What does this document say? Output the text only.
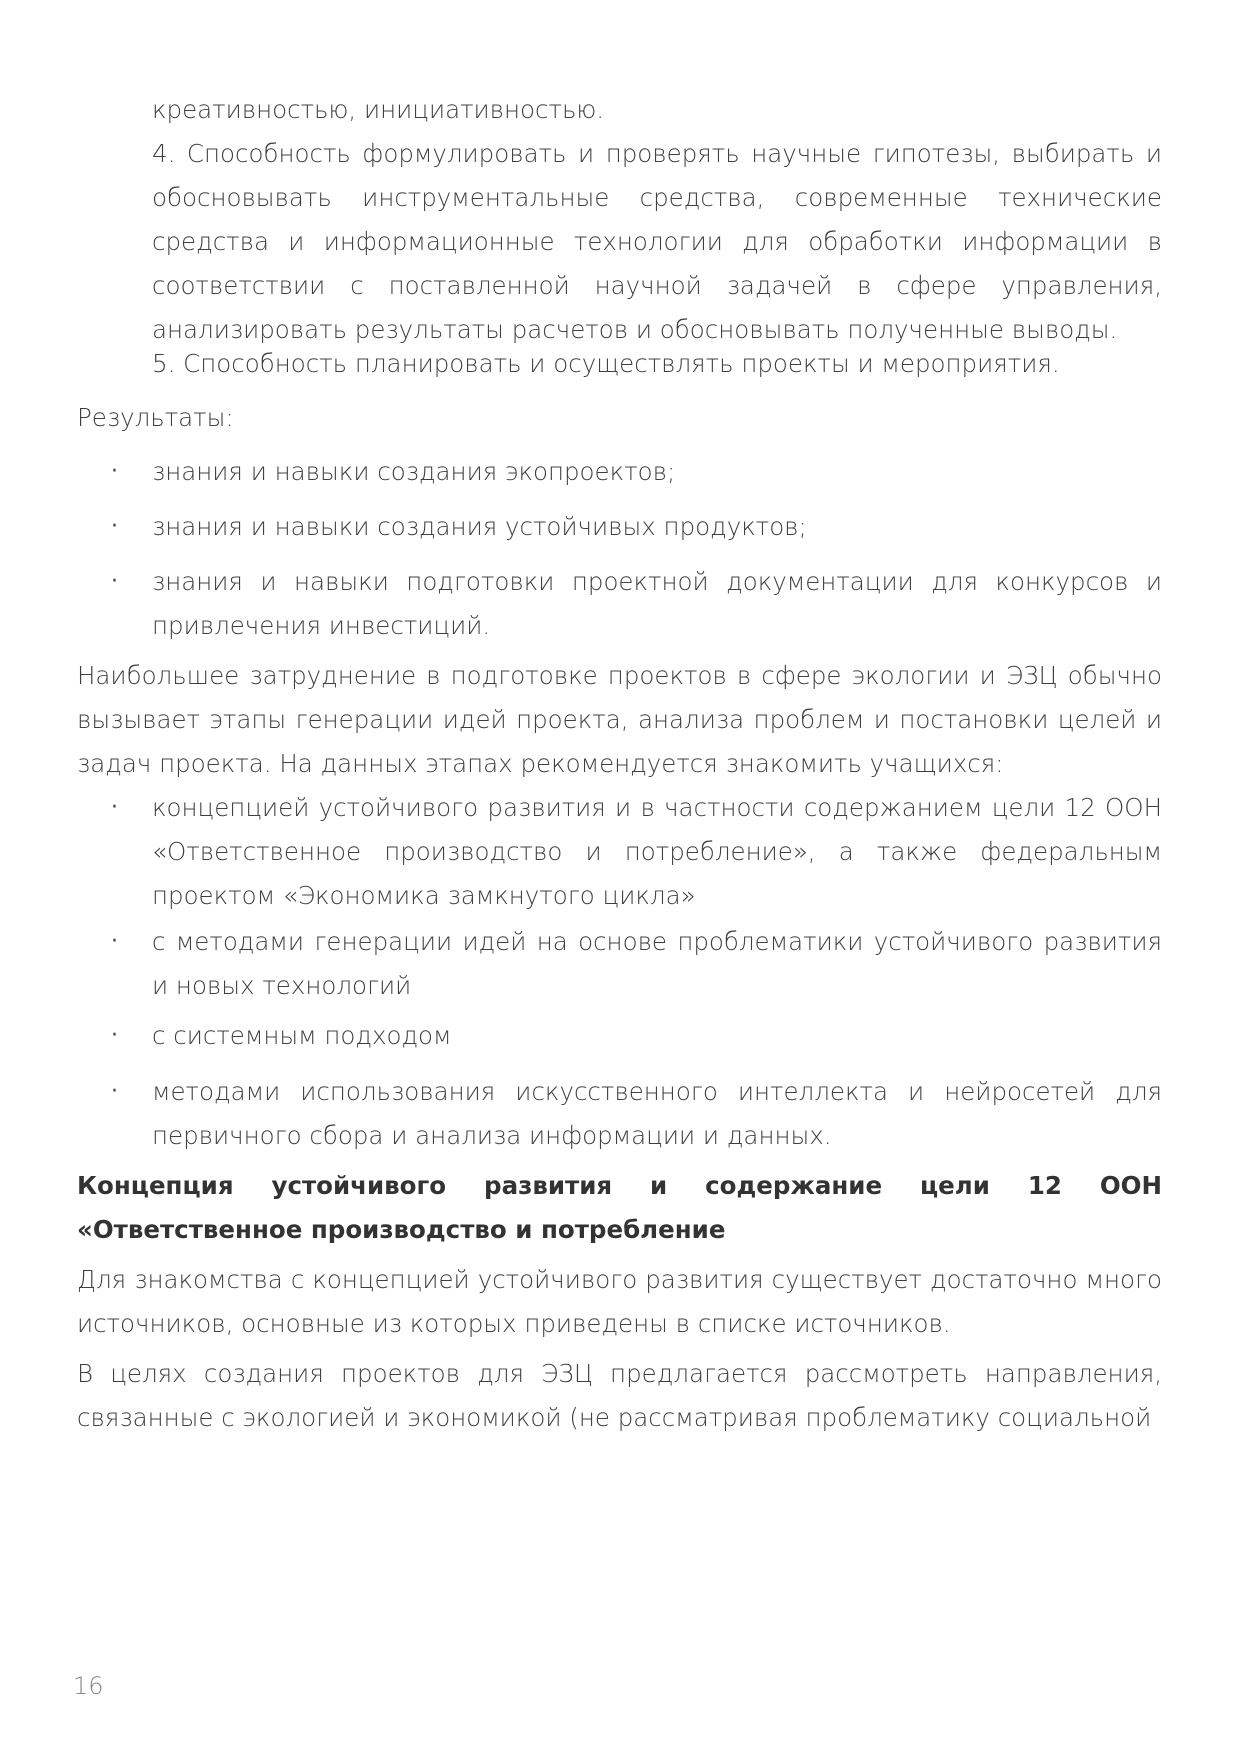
креативностью, инициативностью.

4. Способность формулировать и проверять научные гипотезы, выбирать и обосновывать инструментальные средства, современные технические средства и информационные технологии для обработки информации в соответствии с поставленной научной задачей в сфере управления, анализировать результаты расчетов и обосновывать полученные выводы.

5. Способность планировать и осуществлять проекты и мероприятия.

Результаты:

· знания и навыки создания экопроектов;

· знания и навыки создания устойчивых продуктов;

· знания и навыки подготовки проектной документации для конкурсов и привлечения инвестиций.

Наибольшее затруднение в подготовке проектов в сфере экологии и ЭЗЦ обычно вызывает этапы генерации идей проекта, анализа проблем и постановки целей и задач проекта. На данных этапах рекомендуется знакомить учащихся:

· концепцией устойчивого развития и в частности содержанием цели 12 ООН «Ответственное производство и потребление», а также федеральным проектом «Экономика замкнутого цикла»

· с методами генерации идей на основе проблематики устойчивого развития и новых технологий

· с системным подходом

· методами использования искусственного интеллекта и нейросетей для первичного сбора и анализа информации и данных.

Концепция устойчивого развития и содержание цели 12 ООН «Ответственное производство и потребление

Для знакомства с концепцией устойчивого развития существует достаточно много источников, основные из которых приведены в списке источников.

В целях создания проектов для ЭЗЦ предлагается рассмотреть направления, связанные с экологией и экономикой (не рассматривая проблематику социальной

16
